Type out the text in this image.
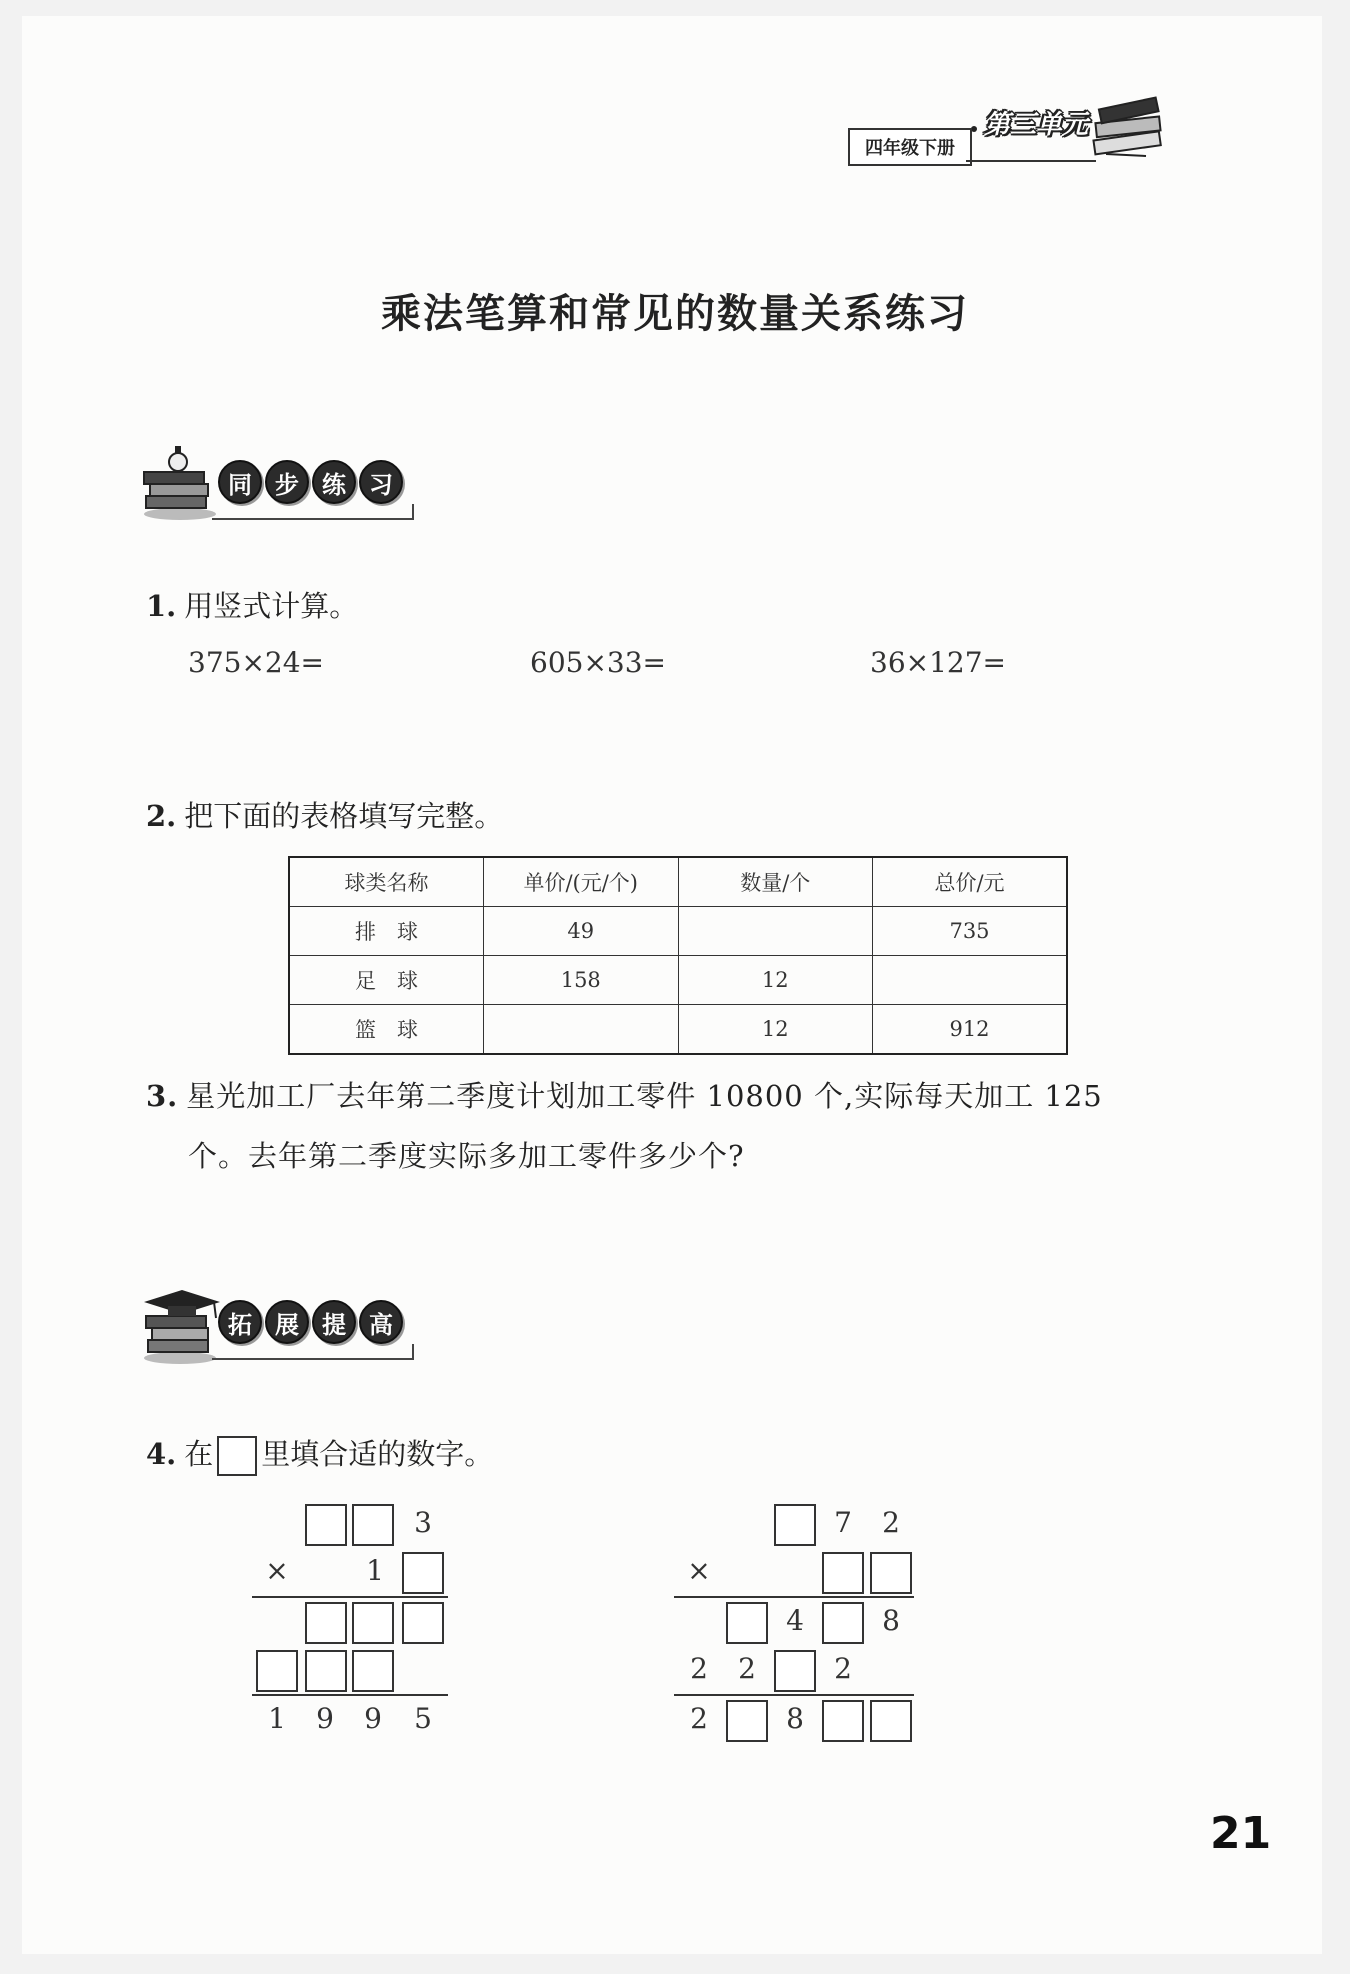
第三单元
四年级下册
乘法笔算和常见的数量关系练习
同 步 练 习
1. 用竖式计算。
375×24=	605×33=	36×127=
2. 把下面的表格填写完整。
球类名称	单价/(元/个)	数量/个	总价/元
排　球	49		735
足　球	158	12	
篮　球		12	912
3. 星光加工厂去年第二季度计划加工零件 10800 个,实际每天加工 125
个。去年第二季度实际多加工零件多少个?
拓 展 提 高
4. 在 里填合适的数字。
3
×	1
1	9	9	5
7	2
×
4	8
2	2	2
2	8
21
